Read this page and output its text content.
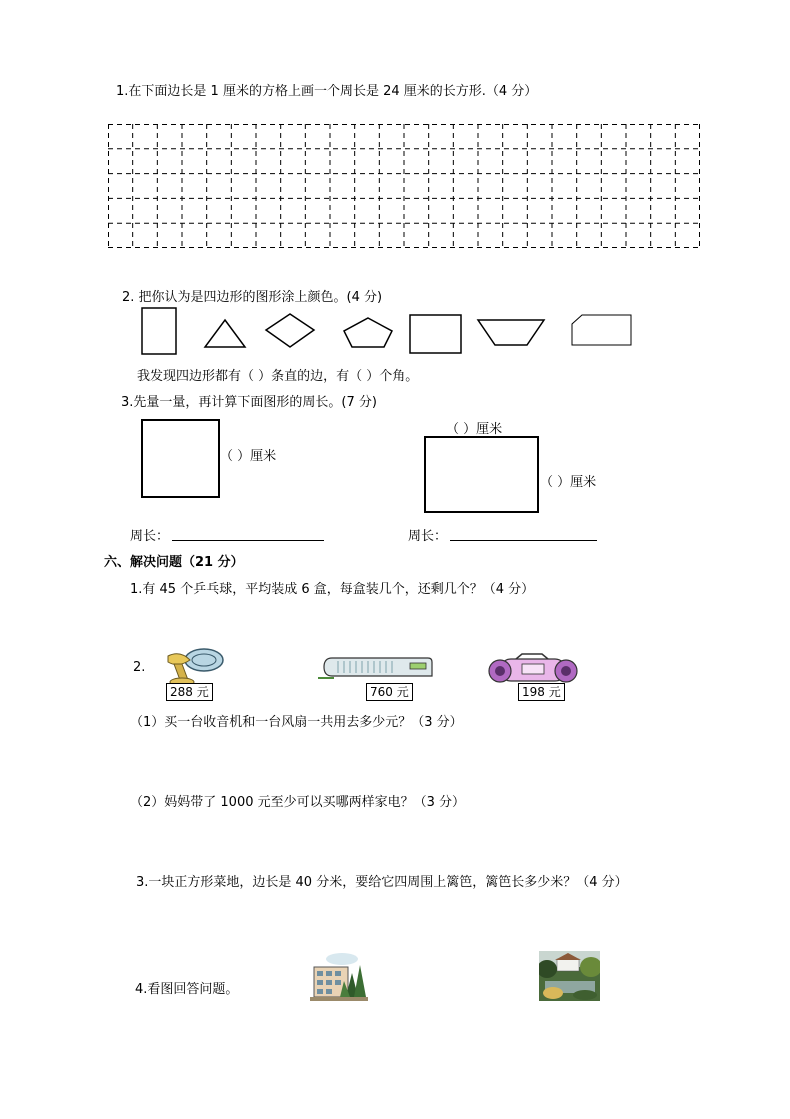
1.在下面边长是 1 厘米的方格上画一个周长是 24 厘米的长方形.（4 分）
2. 把你认为是四边形的图形涂上颜色。(4 分)
我发现四边形都有（ ）条直的边，有（ ）个角。
3.先量一量，再计算下面图形的周长。(7 分)
（ ）厘米
（ ）厘米
（ ）厘米
周长：	周长：
六、解决问题（21 分）
1.有 45 个乒乓球，平均装成 6 盒，每盒装几个，还剩几个？（4 分）
2.
288 元	760 元	198 元
（1）买一台收音机和一台风扇一共用去多少元？（3 分）
（2）妈妈带了 1000 元至少可以买哪两样家电？（3 分）
3.一块正方形菜地，边长是 40 分米，要给它四周围上篱笆，篱笆长多少米？（4 分）
4.看图回答问题。
